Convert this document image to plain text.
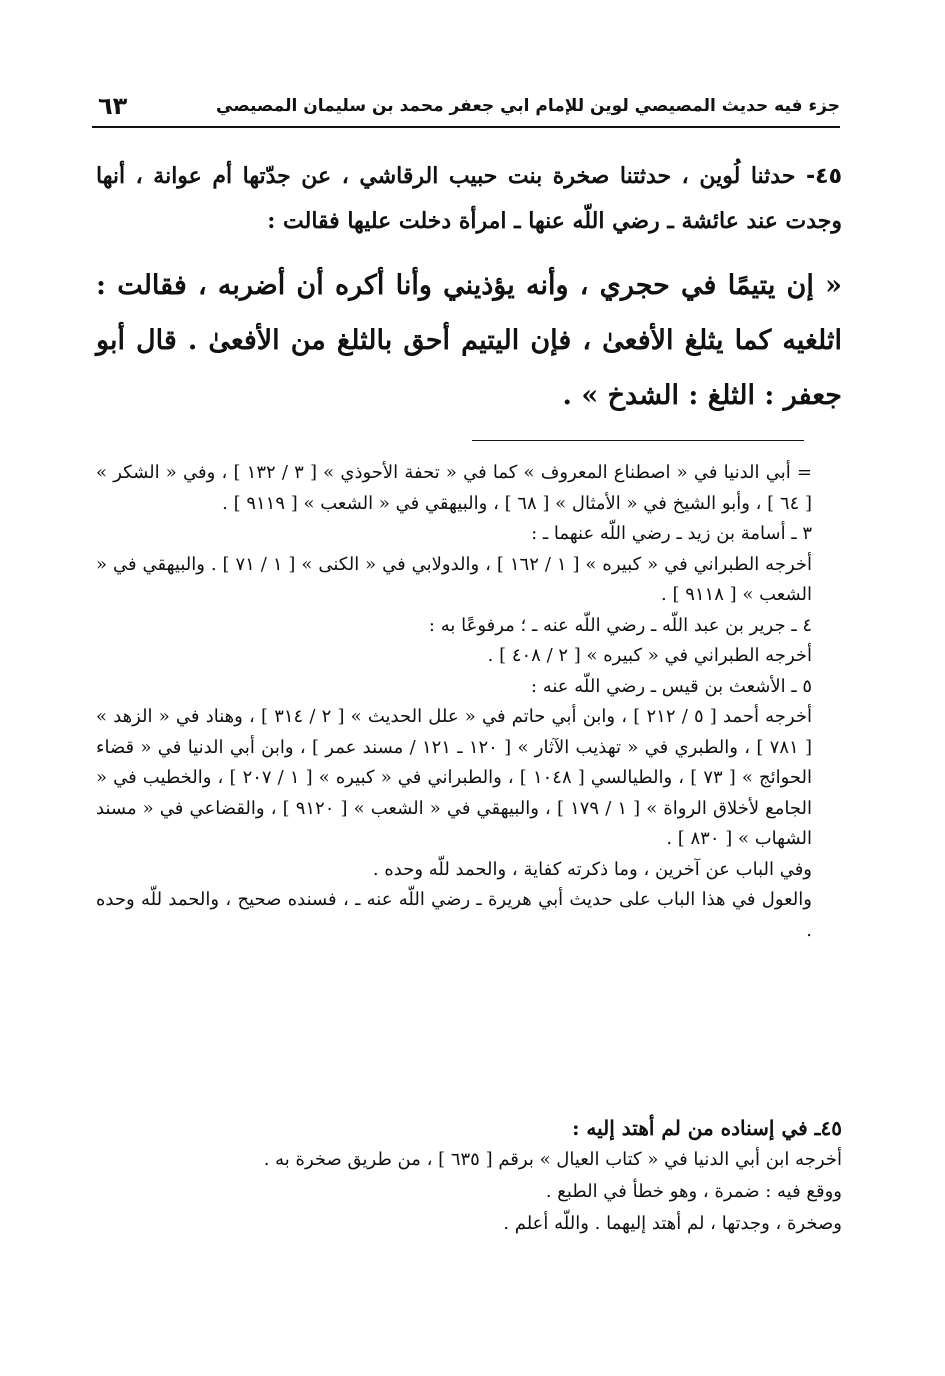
٦٣	جزء فيه حديث المصيصي لوين للإمام ابي جعفر محمد بن سليمان المصيصي

٤٥- حدثنا لُوين ، حدثتنا صخرة بنت حبيب الرقاشي ، عن جدّتها أم عوانة ، أنها وجدت عند عائشة ـ رضي اللّه عنها ـ امرأة دخلت عليها فقالت :

« إن يتيمًا في حجري ، وأنه يؤذيني وأنا أكره أن أضربه ، فقالت : اثلغيه كما يثلغ الأفعىٰ ، فإن اليتيم أحق بالثلغ من الأفعىٰ . قال أبو جعفر : الثلغ : الشدخ » .

= أبي الدنيا في « اصطناع المعروف » كما في « تحفة الأحوذي » [ ٣ / ١٣٢ ] ، وفي « الشكر » [ ٦٤ ] ، وأبو الشيخ في « الأمثال » [ ٦٨ ] ، والبيهقي في « الشعب » [ ٩١١٩ ] .

٣ ـ أسامة بن زيد ـ رضي اللّه عنهما ـ :

أخرجه الطبراني في « كبيره » [ ١ / ١٦٢ ] ، والدولابي في « الكنى » [ ١ / ٧١ ] . والبيهقي في « الشعب » [ ٩١١٨ ] .

٤ ـ جرير بن عبد اللّه ـ رضي اللّه عنه ـ ؛ مرفوعًا به :

أخرجه الطبراني في « كبيره » [ ٢ / ٤٠٨ ] .

٥ ـ الأشعث بن قيس ـ رضي اللّه عنه :

أخرجه أحمد [ ٥ / ٢١٢ ] ، وابن أبي حاتم في « علل الحديث » [ ٢ / ٣١٤ ] ، وهناد في « الزهد » [ ٧٨١ ] ، والطبري في « تهذيب الآثار » [ ١٢٠ ـ ١٢١ / مسند عمر ] ، وابن أبي الدنيا في « قضاء الحوائج » [ ٧٣ ] ، والطيالسي [ ١٠٤٨ ] ، والطبراني في « كبيره » [ ١ / ٢٠٧ ] ، والخطيب في « الجامع لأخلاق الرواة » [ ١ / ١٧٩ ] ، والبيهقي في « الشعب » [ ٩١٢٠ ] ، والقضاعي في « مسند الشهاب » [ ٨٣٠ ] .

وفي الباب عن آخرين ، وما ذكرته كفاية ، والحمد للّه وحده .

والعول في هذا الباب على حديث أبي هريرة ـ رضي اللّه عنه ـ ، فسنده صحيح ، والحمد للّه وحده .

٤٥ـ في إسناده من لم أهتد إليه :

أخرجه ابن أبي الدنيا في « كتاب العيال » برقم [ ٦٣٥ ] ، من طريق صخرة به .

ووقع فيه : ضمرة ، وهو خطأ في الطبع .

وصخرة ، وجدتها ، لم أهتد إليهما . واللّه أعلم .
